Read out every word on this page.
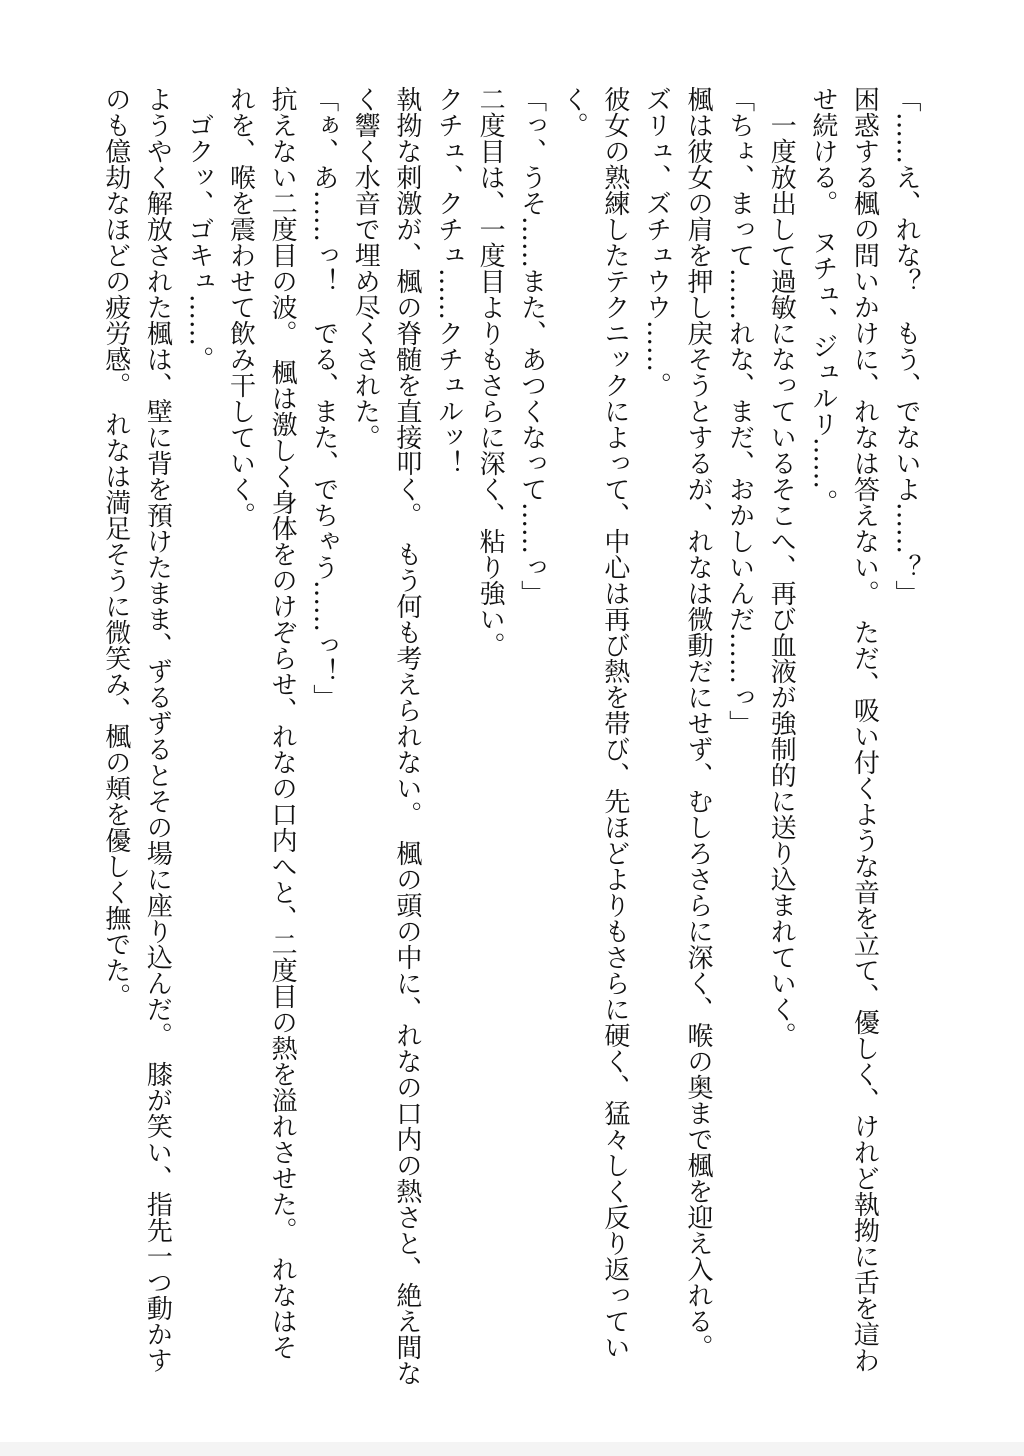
「……え、れな？　もう、でないよ……？」
困惑する楓の問いかけに、れなは答えない。　ただ、吸い付くような音を立て、優しく、けれど執拗に舌を這わ
せ続ける。　ヌチュ、ジュルリ……。
　一度放出して過敏になっているそこへ、再び血液が強制的に送り込まれていく。
「ちょ、まって……れな、まだ、おかしいんだ……っ」
楓は彼女の肩を押し戻そうとするが、れなは微動だにせず、むしろさらに深く、喉の奥まで楓を迎え入れる。
ズリュ、ズチュウウ……。
彼女の熟練したテクニックによって、中心は再び熱を帯び、先ほどよりもさらに硬く、猛々しく反り返ってい
く。
「っ、うそ……また、あつくなって……っ」
二度目は、一度目よりもさらに深く、粘り強い。
クチュ、クチュ……クチュルッ！
執拗な刺激が、楓の脊髄を直接叩く。　もう何も考えられない。　楓の頭の中に、れなの口内の熱さと、絶え間な
く響く水音で埋め尽くされた。
「ぁ、あ……っ！　でる、また、でちゃう……っ！」
抗えない二度目の波。　楓は激しく身体をのけぞらせ、れなの口内へと、二度目の熱を溢れさせた。　れなはそ
れを、喉を震わせて飲み干していく。
　ゴクッ、ゴキュ……。
ようやく解放された楓は、壁に背を預けたまま、ずるずるとその場に座り込んだ。　膝が笑い、指先一つ動かす
のも億劫なほどの疲労感。　れなは満足そうに微笑み、楓の頬を優しく撫でた。
